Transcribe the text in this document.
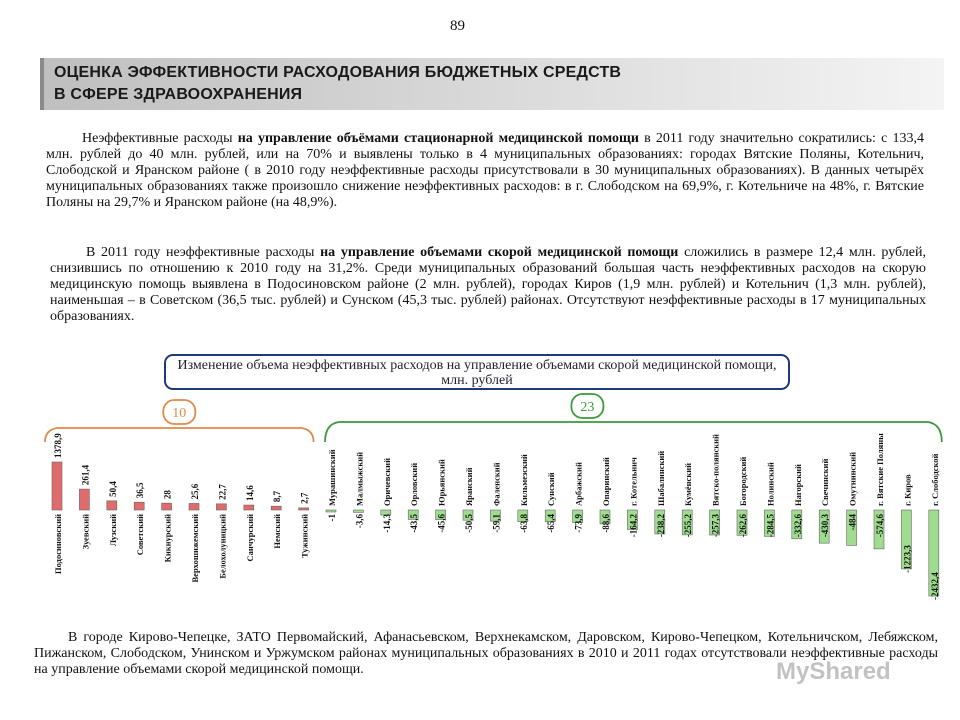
89
ОЦЕНКА ЭФФЕКТИВНОСТИ РАСХОДОВАНИЯ БЮДЖЕТНЫХ СРЕДСТВ
В СФЕРЕ ЗДРАВООХРАНЕНИЯ
Неэффективные расходы на управление объёмами стационарной медицинской помощи в 2011 году значительно сократились: с 133,4 млн. рублей до 40 млн. рублей, или на 70% и выявлены только в 4 муниципальных образованиях: городах Вятские Поляны, Котельнич, Слободской и Яранском районе ( в 2010 году неэффективные расходы присутствовали в 30 муниципальных образованиях). В данных четырёх муниципальных образованиях также произошло снижение неэффективных расходов: в г. Слободском на 69,9%, г. Котельниче на 48%, г. Вятские Поляны на 29,7% и Яранском районе (на 48,9%).
В 2011 году неэффективные расходы на управление объемами скорой медицинской помощи сложились в размере 12,4 млн. рублей, снизившись по отношению к 2010 году на 31,2%. Среди муниципальных образований большая часть неэффективных расходов на скорую медицинскую помощь выявлена в Подосиновском районе (2 млн. рублей), городах Киров (1,9 млн. рублей) и Котельнич (1,3 млн. рублей), наименьшая – в Советском (36,5 тыс. рублей) и Сунском (45,3 тыс. рублей) районах. Отсутствуют неэффективные расходы в 17 муниципальных образованиях.
Изменение объема неэффективных расходов на управление объемами скорой медицинской помощи, млн. рублей
10	23
1378,9
Подосиновский
261,4
Зуевский
50,4
Лузский
36,5
Советский
28
Кикнурский
25,6
Верхошижемский
22,7
Белохолуницкий
14,6
Санчурский
8,7
Немский
2,7
Тужинский -1
Мурашинский
-3,6
Малмыжский
-14,3
Оричевский
-43,5
Орловский
-45,6
Юрьянский
-50,5
Яранский
-59,1
Фаленский
-63,8
Кильмезский
-65,4
Сунский
-73,9
Арбажский
-88,6
Опаринский
-164,2
г. Котельнич
-238,2
Шабалинский
-255,2
Кумёнский
-257,3
Вятско-полянский
-262,6
Богородский
-284,5
Нолинский
-332,6
Нагорский
-430,3
Свечинский
-484
Омутнинский
-574,6
г. Вятские Поляны
-1223,3
г. Киров
-2432,4
г. Слободской
В городе Кирово-Чепецке, ЗАТО Первомайский, Афанасьевском, Верхнекамском, Даровском, Кирово-Чепецком, Котельничском, Лебяжском, Пижанском, Слободском, Унинском и Уржумском районах муниципальных образованиях в 2010 и 2011 годах отсутствовали неэффективные расходы на управление объемами скорой медицинской помощи.	MyShared
